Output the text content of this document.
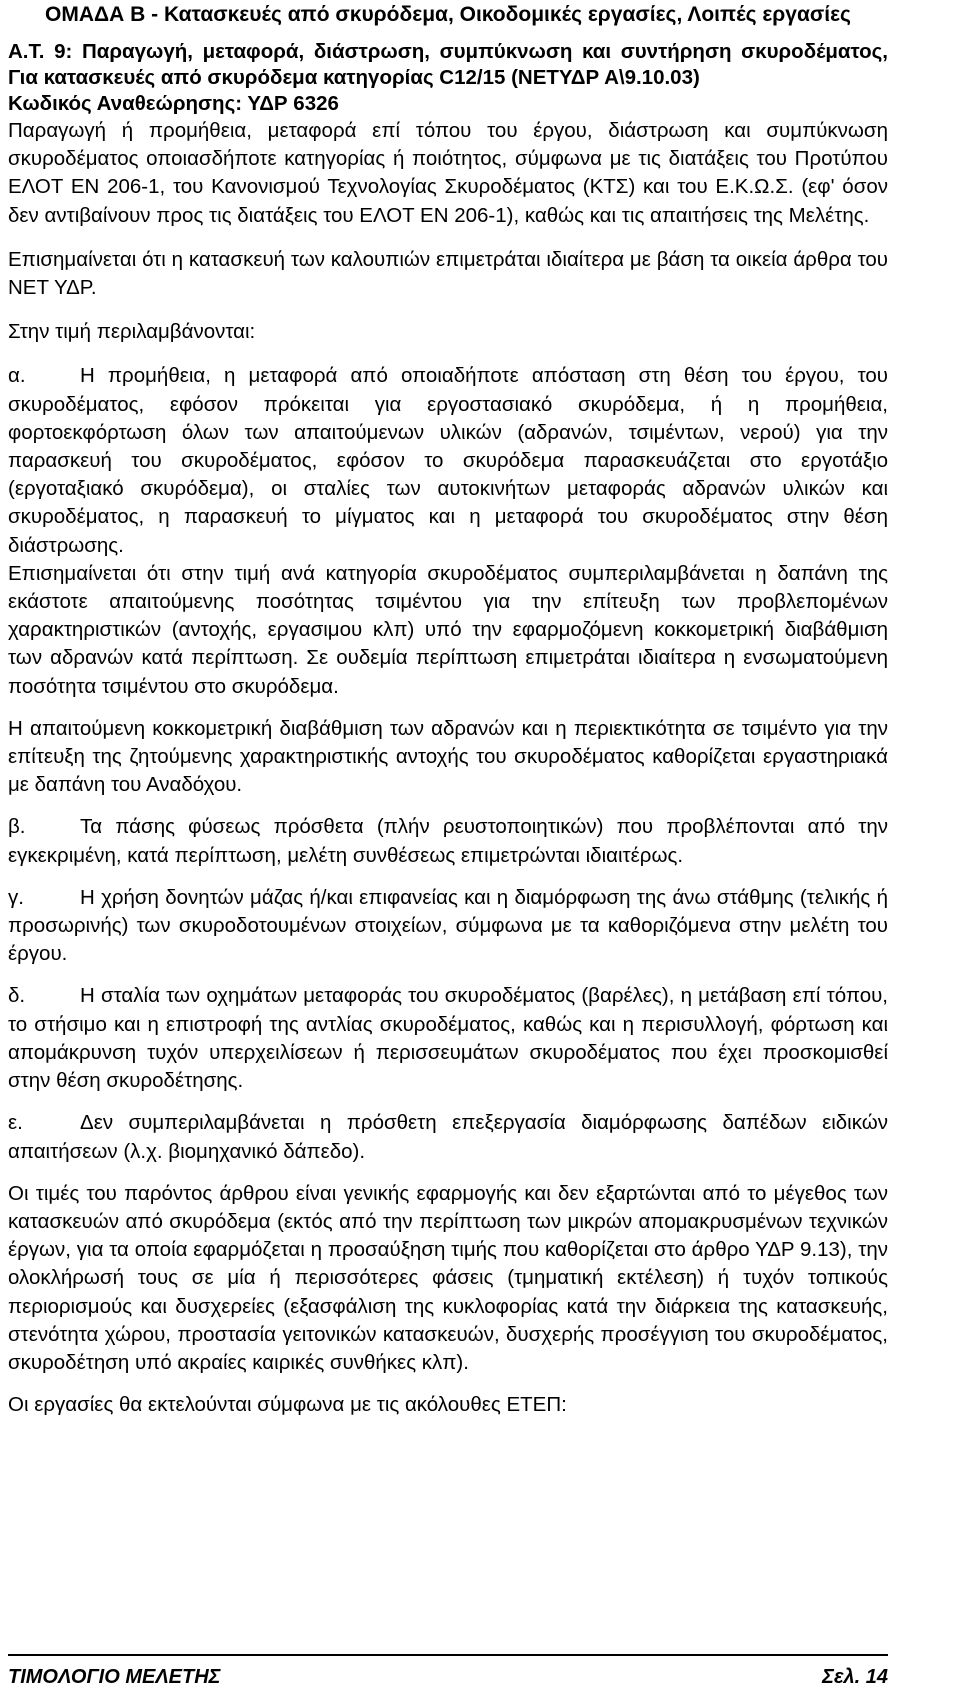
ΟΜΑΔΑ Β - Κατασκευές από σκυρόδεμα, Οικοδομικές εργασίες, Λοιπές εργασίες
Α.Τ. 9: Παραγωγή, μεταφορά, διάστρωση, συμπύκνωση και συντήρηση σκυροδέματος, Για κατασκευές από σκυρόδεμα κατηγορίας C12/15 (ΝΕΤΥΔΡ Α\9.10.03)
Κωδικός Αναθεώρησης: ΥΔΡ 6326

Παραγωγή ή προμήθεια, μεταφορά επί τόπου του έργου, διάστρωση και συμπύκνωση σκυροδέματος οποιασδήποτε κατηγορίας ή ποιότητος, σύμφωνα με τις διατάξεις του Προτύπου ΕΛΟΤ ΕΝ 206-1, του Κανονισμού Τεχνολογίας Σκυροδέματος (ΚΤΣ) και του Ε.Κ.Ω.Σ. (εφ' όσον δεν αντιβαίνουν προς τις διατάξεις του ΕΛΟΤ ΕΝ 206-1), καθώς και τις απαιτήσεις της Μελέτης.

Επισημαίνεται ότι η κατασκευή των καλουπιών επιμετράται ιδιαίτερα με βάση τα οικεία άρθρα του ΝΕΤ ΥΔΡ.

Στην τιμή περιλαμβάνονται:

α.	Η προμήθεια, η μεταφορά από οποιαδήποτε απόσταση στη θέση του έργου, του σκυροδέματος, εφόσον πρόκειται για εργοστασιακό σκυρόδεμα, ή η προμήθεια, φορτοεκφόρτωση όλων των απαιτούμενων υλικών (αδρανών, τσιμέντων, νερού) για την παρασκευή του σκυροδέματος, εφόσον το σκυρόδεμα παρασκευάζεται στο εργοτάξιο (εργοταξιακό σκυρόδεμα), οι σταλίες των αυτοκινήτων μεταφοράς αδρανών υλικών και σκυροδέματος, η παρασκευή το μίγματος και η μεταφορά του σκυροδέματος στην θέση διάστρωσης.

Επισημαίνεται ότι στην τιμή ανά κατηγορία σκυροδέματος συμπεριλαμβάνεται η δαπάνη της εκάστοτε απαιτούμενης ποσότητας τσιμέντου για την επίτευξη των προβλεπομένων χαρακτηριστικών (αντοχής, εργασιμου κλπ) υπό την εφαρμοζόμενη κοκκομετρική διαβάθμιση των αδρανών κατά περίπτωση. Σε ουδεμία περίπτωση επιμετράται ιδιαίτερα η ενσωματούμενη ποσότητα τσιμέντου στο σκυρόδεμα.

Η απαιτούμενη κοκκομετρική διαβάθμιση των αδρανών και η περιεκτικότητα σε τσιμέντο για την επίτευξη της ζητούμενης χαρακτηριστικής αντοχής του σκυροδέματος καθορίζεται εργαστηριακά με δαπάνη του Αναδόχου.

β.	Τα πάσης φύσεως πρόσθετα (πλήν ρευστοποιητικών) που προβλέπονται από την εγκεκριμένη, κατά περίπτωση, μελέτη συνθέσεως επιμετρώνται ιδιαιτέρως.

γ.	Η χρήση δονητών μάζας ή/και επιφανείας και η διαμόρφωση της άνω στάθμης (τελικής ή προσωρινής) των σκυροδοτουμένων στοιχείων, σύμφωνα με τα καθοριζόμενα στην μελέτη του έργου.

δ.	Η σταλία των οχημάτων μεταφοράς του σκυροδέματος (βαρέλες), η μετάβαση επί τόπου, το στήσιμο και η επιστροφή της αντλίας σκυροδέματος, καθώς και η περισυλλογή, φόρτωση και απομάκρυνση τυχόν υπερχειλίσεων ή περισσευμάτων σκυροδέματος που έχει προσκομισθεί στην θέση σκυροδέτησης.

ε.	Δεν συμπεριλαμβάνεται η πρόσθετη επεξεργασία διαμόρφωσης δαπέδων ειδικών απαιτήσεων (λ.χ. βιομηχανικό δάπεδο).

Οι τιμές του παρόντος άρθρου είναι γενικής εφαρμογής και δεν εξαρτώνται από το μέγεθος των κατασκευών από σκυρόδεμα (εκτός από την περίπτωση των μικρών απομακρυσμένων τεχνικών έργων, για τα οποία εφαρμόζεται η προσαύξηση τιμής που καθορίζεται στο άρθρο ΥΔΡ 9.13), την ολοκλήρωσή τους σε μία ή περισσότερες φάσεις (τμηματική εκτέλεση) ή τυχόν τοπικούς περιορισμούς και δυσχερείες (εξασφάλιση της κυκλοφορίας κατά την διάρκεια της κατασκευής, στενότητα χώρου, προστασία γειτονικών κατασκευών, δυσχερής προσέγγιση του σκυροδέματος, σκυροδέτηση υπό ακραίες καιρικές συνθήκες κλπ).

Οι εργασίες θα εκτελούνται σύμφωνα με τις ακόλουθες ΕΤΕΠ:

ΤΙΜΟΛΟΓΙΟ ΜΕΛΕΤΗΣ	Σελ. 14
